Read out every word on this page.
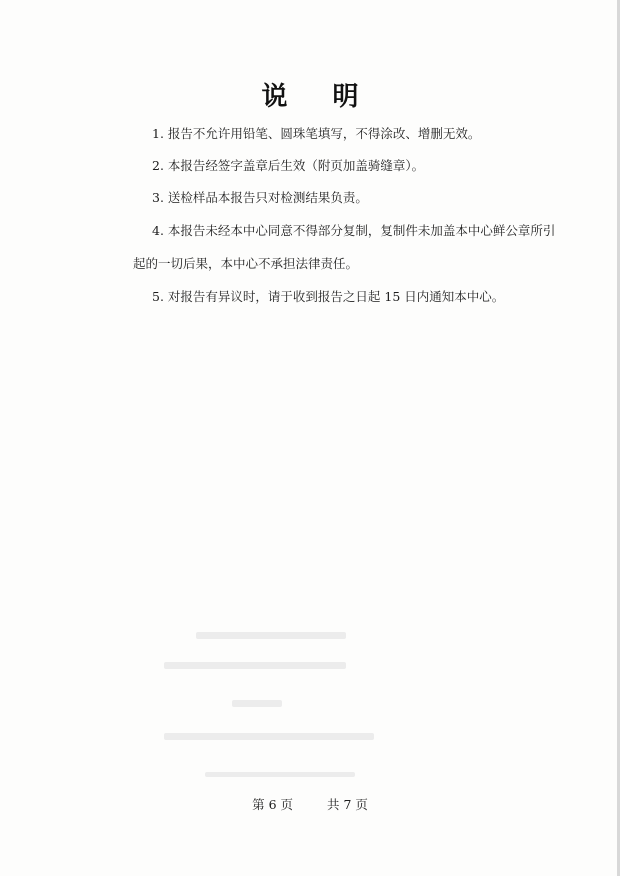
说 明
1. 报告不允许用铅笔、圆珠笔填写，不得涂改、增删无效。
2. 本报告经签字盖章后生效（附页加盖骑缝章）。
3. 送检样品本报告只对检测结果负责。
4. 本报告未经本中心同意不得部分复制，复制件未加盖本中心鲜公章所引
起的一切后果，本中心不承担法律责任。
5. 对报告有异议时，请于收到报告之日起 15 日内通知本中心。
第 6 页	共 7 页
